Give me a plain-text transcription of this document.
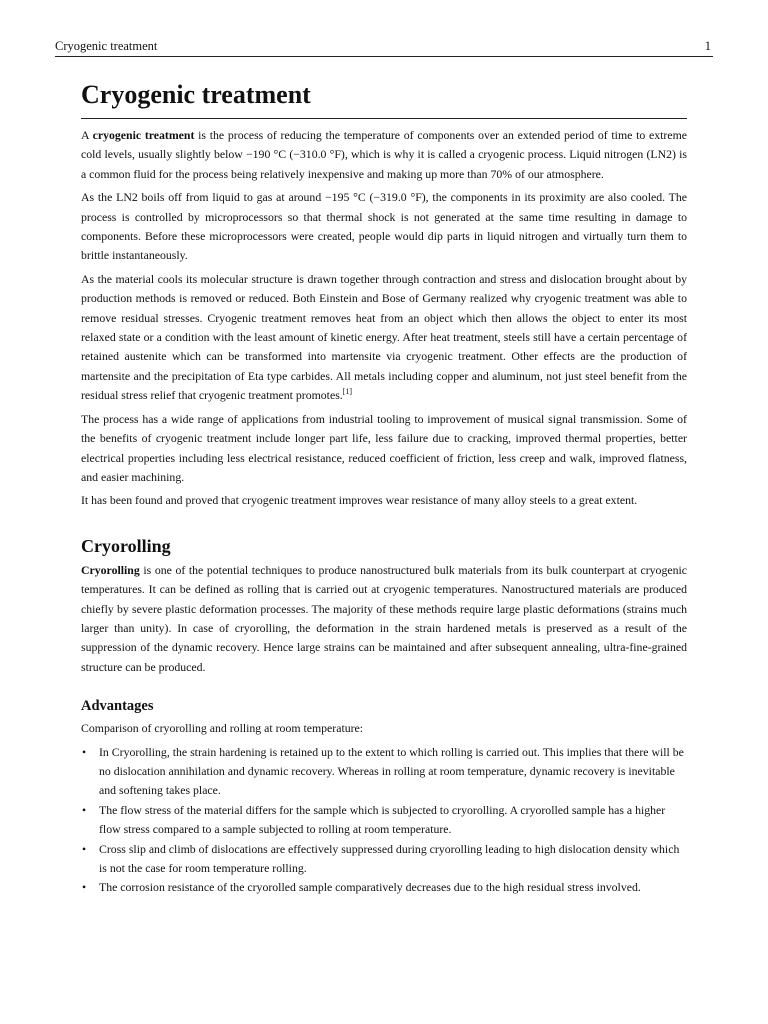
Cryogenic treatment	1
Cryogenic treatment

A cryogenic treatment is the process of reducing the temperature of components over an extended period of time to extreme cold levels, usually slightly below −190 °C (−310.0 °F), which is why it is called a cryogenic process. Liquid nitrogen (LN2) is a common fluid for the process being relatively inexpensive and making up more than 70% of our atmosphere.

As the LN2 boils off from liquid to gas at around −195 °C (−319.0 °F), the components in its proximity are also cooled. The process is controlled by microprocessors so that thermal shock is not generated at the same time resulting in damage to components. Before these microprocessors were created, people would dip parts in liquid nitrogen and virtually turn them to brittle instantaneously.

As the material cools its molecular structure is drawn together through contraction and stress and dislocation brought about by production methods is removed or reduced. Both Einstein and Bose of Germany realized why cryogenic treatment was able to remove residual stresses. Cryogenic treatment removes heat from an object which then allows the object to enter its most relaxed state or a condition with the least amount of kinetic energy. After heat treatment, steels still have a certain percentage of retained austenite which can be transformed into martensite via cryogenic treatment. Other effects are the production of martensite and the precipitation of Eta type carbides. All metals including copper and aluminum, not just steel benefit from the residual stress relief that cryogenic treatment promotes.[1]

The process has a wide range of applications from industrial tooling to improvement of musical signal transmission. Some of the benefits of cryogenic treatment include longer part life, less failure due to cracking, improved thermal properties, better electrical properties including less electrical resistance, reduced coefficient of friction, less creep and walk, improved flatness, and easier machining.

It has been found and proved that cryogenic treatment improves wear resistance of many alloy steels to a great extent.

Cryorolling

Cryorolling is one of the potential techniques to produce nanostructured bulk materials from its bulk counterpart at cryogenic temperatures. It can be defined as rolling that is carried out at cryogenic temperatures. Nanostructured materials are produced chiefly by severe plastic deformation processes. The majority of these methods require large plastic deformations (strains much larger than unity). In case of cryorolling, the deformation in the strain hardened metals is preserved as a result of the suppression of the dynamic recovery. Hence large strains can be maintained and after subsequent annealing, ultra-fine-grained structure can be produced.

Advantages

Comparison of cryorolling and rolling at room temperature:

• In Cryorolling, the strain hardening is retained up to the extent to which rolling is carried out. This implies that there will be no dislocation annihilation and dynamic recovery. Whereas in rolling at room temperature, dynamic recovery is inevitable and softening takes place.
• The flow stress of the material differs for the sample which is subjected to cryorolling. A cryorolled sample has a higher flow stress compared to a sample subjected to rolling at room temperature.
• Cross slip and climb of dislocations are effectively suppressed during cryorolling leading to high dislocation density which is not the case for room temperature rolling.
• The corrosion resistance of the cryorolled sample comparatively decreases due to the high residual stress involved.
